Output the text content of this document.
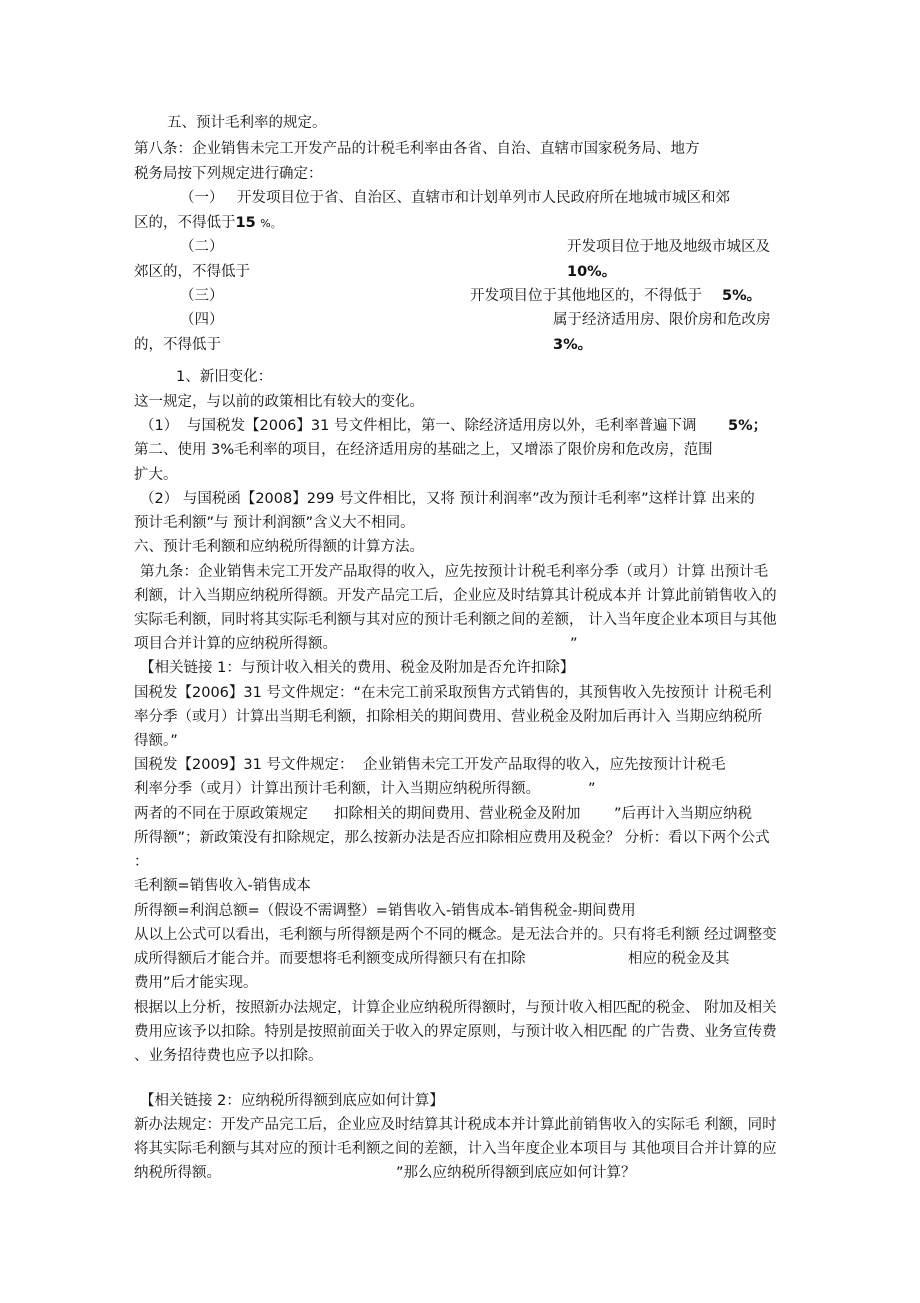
五、预计毛利率的规定。
第八条：企业销售未完工开发产品的计税毛利率由各省、自治、直辖市国家税务局、地方
税务局按下列规定进行确定：
（一） 开发项目位于省、自治区、直辖市和计划单列市人民政府所在地城市城区和郊
区的，不得低于15 %。
（二）	开发项目位于地及地级市城区及
郊区的，不得低于	10%。
（三）	开发项目位于其他地区的，不得低于 5%。
（四）	属于经济适用房、限价房和危改房
的，不得低于	3%。
1、新旧变化：
这一规定，与以前的政策相比有较大的变化。
（1） 与国税发【2006】31 号文件相比，第一、除经济适用房以外，毛利率普遍下调 5%；
第二、使用 3%毛利率的项目，在经济适用房的基础之上，又增添了限价房和危改房，范围
扩大。
（2） 与国税函【2008】299 号文件相比，又将 预计利润率”改为预计毛利率”这样计算 出来的
预计毛利额”与 预计利润额”含义大不相同。
六、预计毛利额和应纳税所得额的计算方法。
第九条：企业销售未完工开发产品取得的收入，应先按预计计税毛利率分季（或月）计算 出预计毛
利额，计入当期应纳税所得额。开发产品完工后，企业应及时结算其计税成本并 计算此前销售收入的
实际毛利额，同时将其实际毛利额与其对应的预计毛利额之间的差额， 计入当年度企业本项目与其他
项目合并计算的应纳税所得额。	”
【相关链接 1：与预计收入相关的费用、税金及附加是否允许扣除】
国税发【2006】31 号文件规定：“在未完工前采取预售方式销售的，其预售收入先按预计 计税毛利
率分季（或月）计算出当期毛利额，扣除相关的期间费用、营业税金及附加后再计入 当期应纳税所
得额。”
国税发【2009】31 号文件规定： 企业销售未完工开发产品取得的收入，应先按预计计税毛
利率分季（或月）计算出预计毛利额，计入当期应纳税所得额。	”
两者的不同在于原政策规定 扣除相关的期间费用、营业税金及附加 ”后再计入当期应纳税
所得额”；新政策没有扣除规定，那么按新办法是否应扣除相应费用及税金？ 分析：看以下两个公式
：
毛利额=销售收入-销售成本
所得额=利润总额=（假设不需调整）=销售收入-销售成本-销售税金-期间费用
从以上公式可以看出，毛利额与所得额是两个不同的概念。是无法合并的。只有将毛利额 经过调整变
成所得额后才能合并。而要想将毛利额变成所得额只有在扣除	相应的税金及其
费用”后才能实现。
根据以上分析，按照新办法规定，计算企业应纳税所得额时，与预计收入相匹配的税金、 附加及相关
费用应该予以扣除。特别是按照前面关于收入的界定原则，与预计收入相匹配 的广告费、业务宣传费
、业务招待费也应予以扣除。
【相关链接 2：应纳税所得额到底应如何计算】
新办法规定：开发产品完工后，企业应及时结算其计税成本并计算此前销售收入的实际毛 利额，同时
将其实际毛利额与其对应的预计毛利额之间的差额，计入当年度企业本项目与 其他项目合并计算的应
纳税所得额。	”那么应纳税所得额到底应如何计算？
